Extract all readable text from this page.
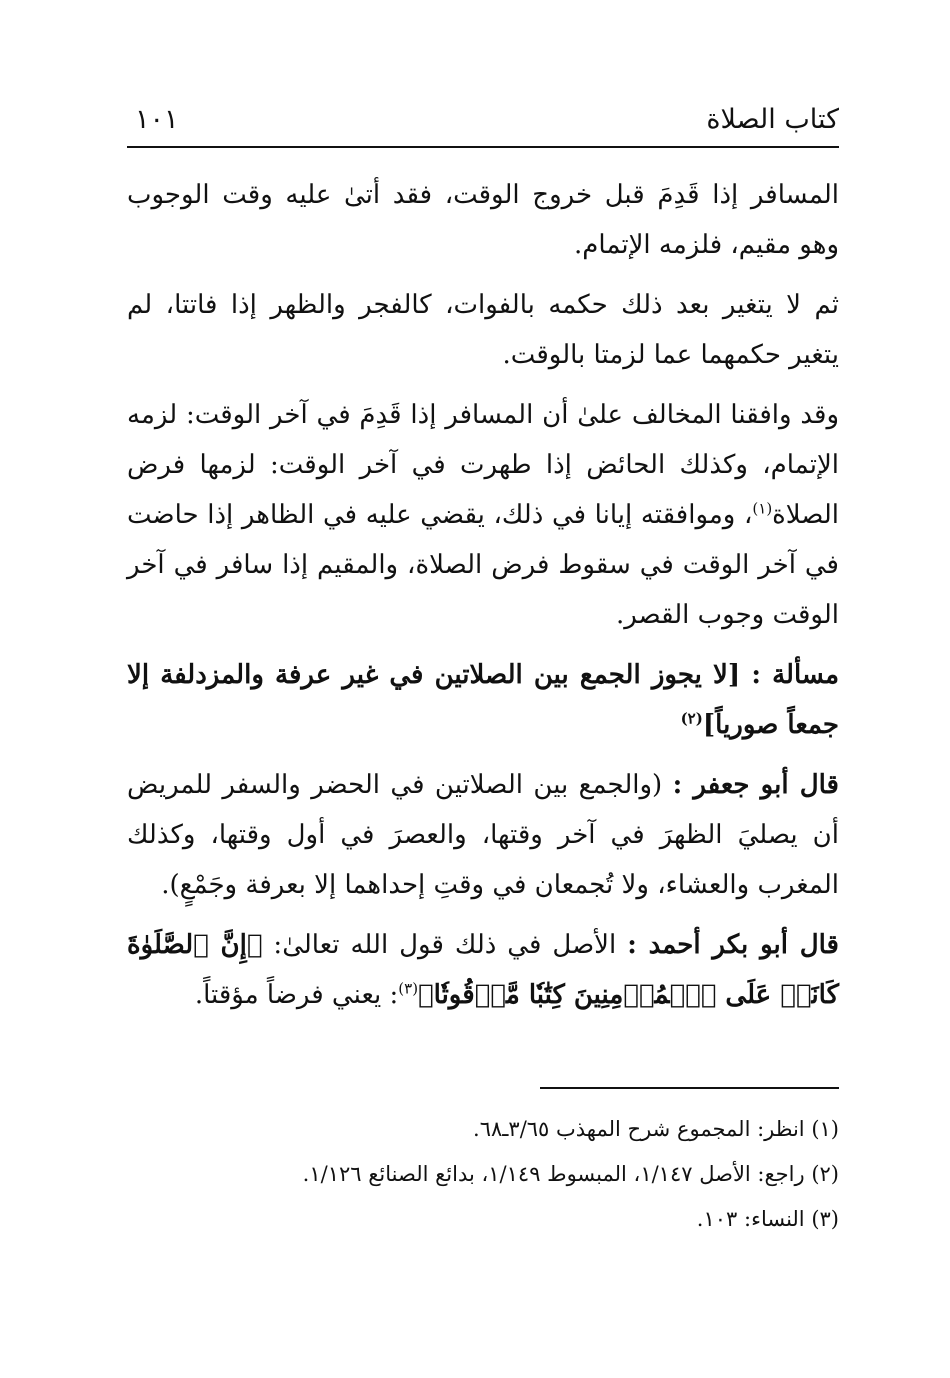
كتاب الصلاة
١٠١

المسافر إذا قَدِمَ قبل خروج الوقت، فقد أتىٰ عليه وقت الوجوب وهو مقيم، فلزمه الإتمام.

ثم لا يتغير بعد ذلك حكمه بالفوات، كالفجر والظهر إذا فاتتا، لم يتغير حكمهما عما لزمتا بالوقت.

وقد وافقنا المخالف علىٰ أن المسافر إذا قَدِمَ في آخر الوقت: لزمه الإتمام، وكذلك الحائض إذا طهرت في آخر الوقت: لزمها فرض الصلاة$^{(١)}$، وموافقته إيانا في ذلك، يقضي عليه في الظاهر إذا حاضت في آخر الوقت في سقوط فرض الصلاة، والمقيم إذا سافر في آخر الوقت وجوب القصر.

مسألة : [لا يجوز الجمع بين الصلاتين في غير عرفة والمزدلفة إلا جمعاً صورياً]$^{(٢)}$

قال أبو جعفر : (والجمع بين الصلاتين في الحضر والسفر للمريض أن يصليَ الظهرَ في آخر وقتها، والعصرَ في أول وقتها، وكذلك المغرب والعشاء، ولا تُجمعان في وقتِ إحداهما إلا بعرفة وجَمْعٍ).

قال أبو بكر أحمد : الأصل في ذلك قول الله تعالىٰ: ﴿إِنَّ ٱلصَّلَوٰةَ كَانَتۡ عَلَى ٱلۡمُؤۡمِنِينَ كِتَٰبٗا مَّوۡقُوتٗا﴾$^{(٣)}$: يعني فرضاً مؤقتاً.

(١) انظر: المجموع شرح المهذب ٣/٦٥ـ٦٨.

(٢) راجع: الأصل ١/١٤٧، المبسوط ١/١٤٩، بدائع الصنائع ١/١٢٦.

(٣) النساء: ١٠٣.
